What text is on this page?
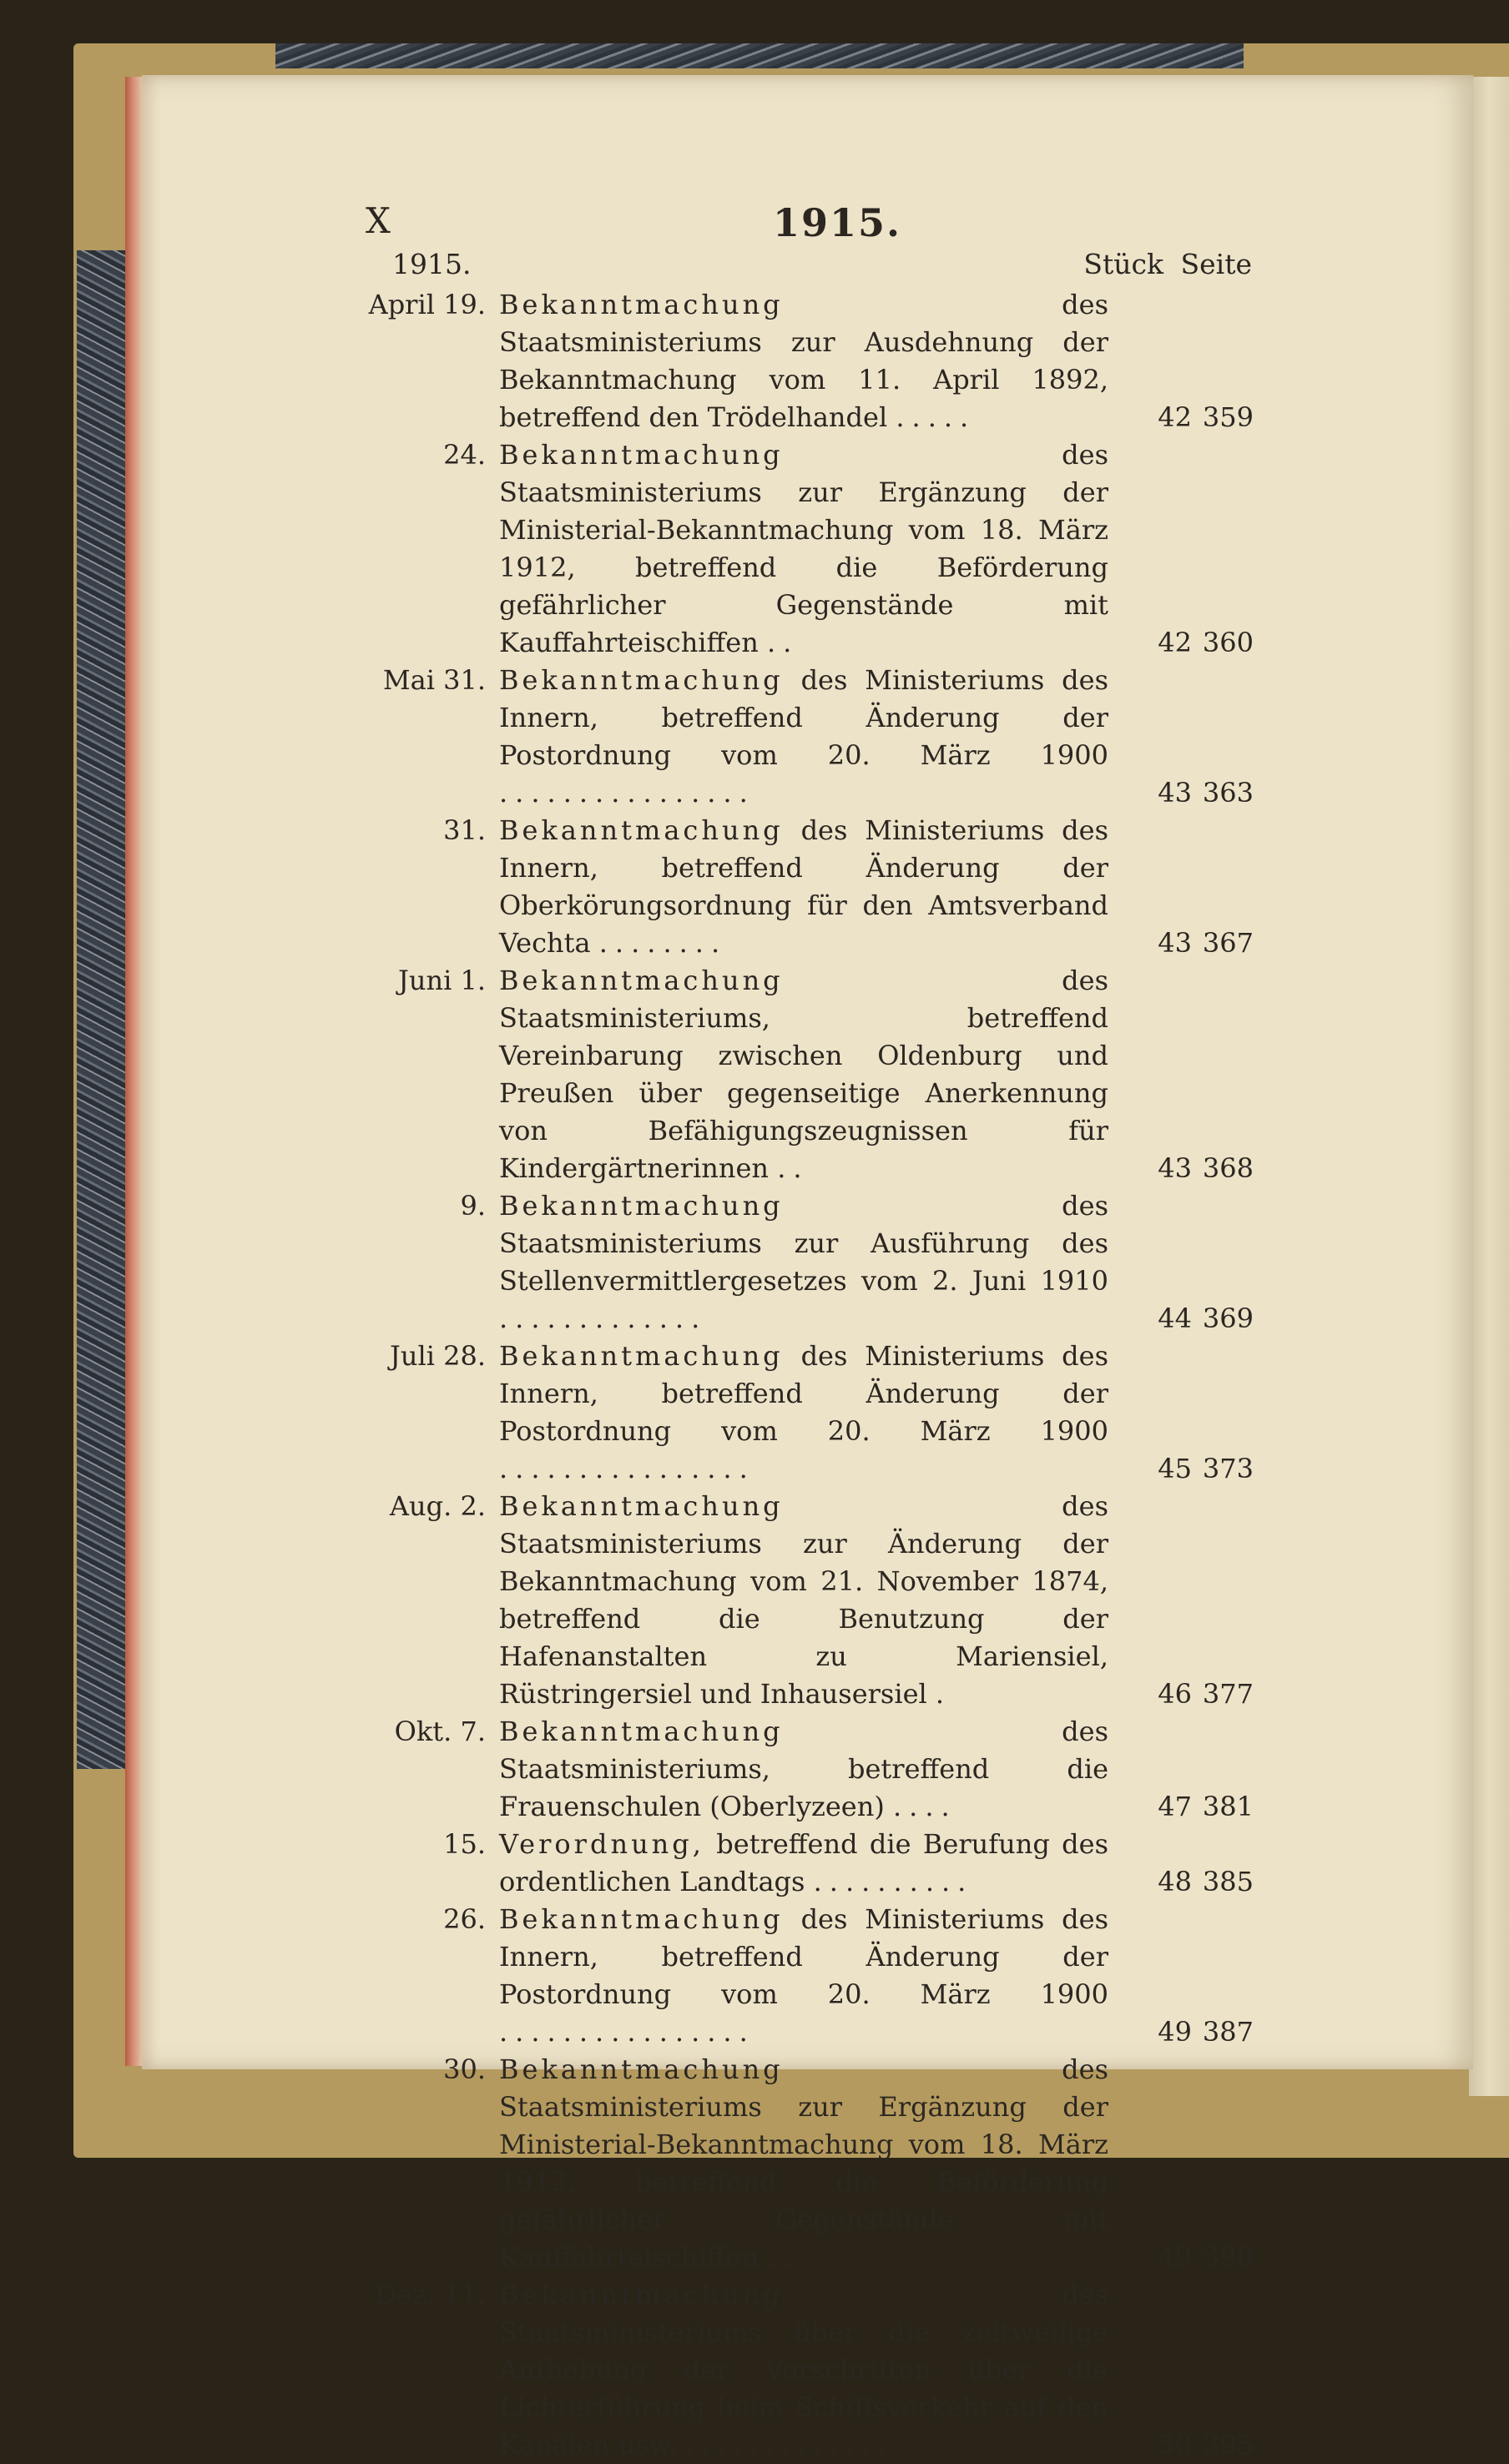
X	1915.
1915.	Stück Seite
April 19. Bekanntmachung	des Staatsministeriums zur Ausdehnung der Bekanntmachung vom 11. April 1892, betreffend den Trödelhandel .....	42 359
24. Bekanntmachung	des Staatsministeriums zur Ergänzung der Ministerial-Bekanntmachung vom 18. März 1912, betreffend die Beförderung gefährlicher Gegenstände mit Kauffahrteischiffen ..	42 360
Mai 31. Bekanntmachung des Ministeriums des Innern, betreffend Änderung der Postordnung vom 20. März 1900 ................	43 363
31. Bekanntmachung des Ministeriums des Innern, betreffend Änderung der Oberkörungsordnung für den Amtsverband Vechta ........	43 367
Juni 1. Bekanntmachung	des Staatsministeriums, betreffend Vereinbarung zwischen Oldenburg und Preußen über gegenseitige Anerkennung von Befähigungszeugnissen für Kindergärtnerinnen ..	43 368
9. Bekanntmachung	des Staatsministeriums zur Ausführung des Stellenvermittlergesetzes vom 2. Juni 1910 .............	44 369
Juli 28. Bekanntmachung des Ministeriums des Innern, betreffend Änderung der Postordnung vom 20. März 1900 ................	45 373
Aug. 2. Bekanntmachung	des Staatsministeriums zur Änderung der Bekanntmachung vom 21. November 1874, betreffend die Benutzung der Hafenanstalten zu Mariensiel, Rüstringersiel und Inhausersiel .	46 377
Okt. 7. Bekanntmachung	des Staatsministeriums, betreffend die Frauenschulen (Oberlyzeen) ....	47 381
15. Verordnung, betreffend die Berufung des ordentlichen Landtags ..........	48 385
26. Bekanntmachung des Ministeriums des Innern, betreffend Änderung der Postordnung vom 20. März 1900 ................	49 387
30. Bekanntmachung	des Staatsministeriums zur Ergänzung der Ministerial-Bekanntmachung vom 18. März 1912, betreffend die Beförderung gefährlicher Gegenstände mit Kauffahrteischiffen ..	49 390
Dez. 11. Bekanntmachung	des Staatsministeriums über die zeitweilige Aufhebung der Vorschriften über die Lichterführung beim Schiffsverkehr auf den Kanälen usw. .............	50 395
